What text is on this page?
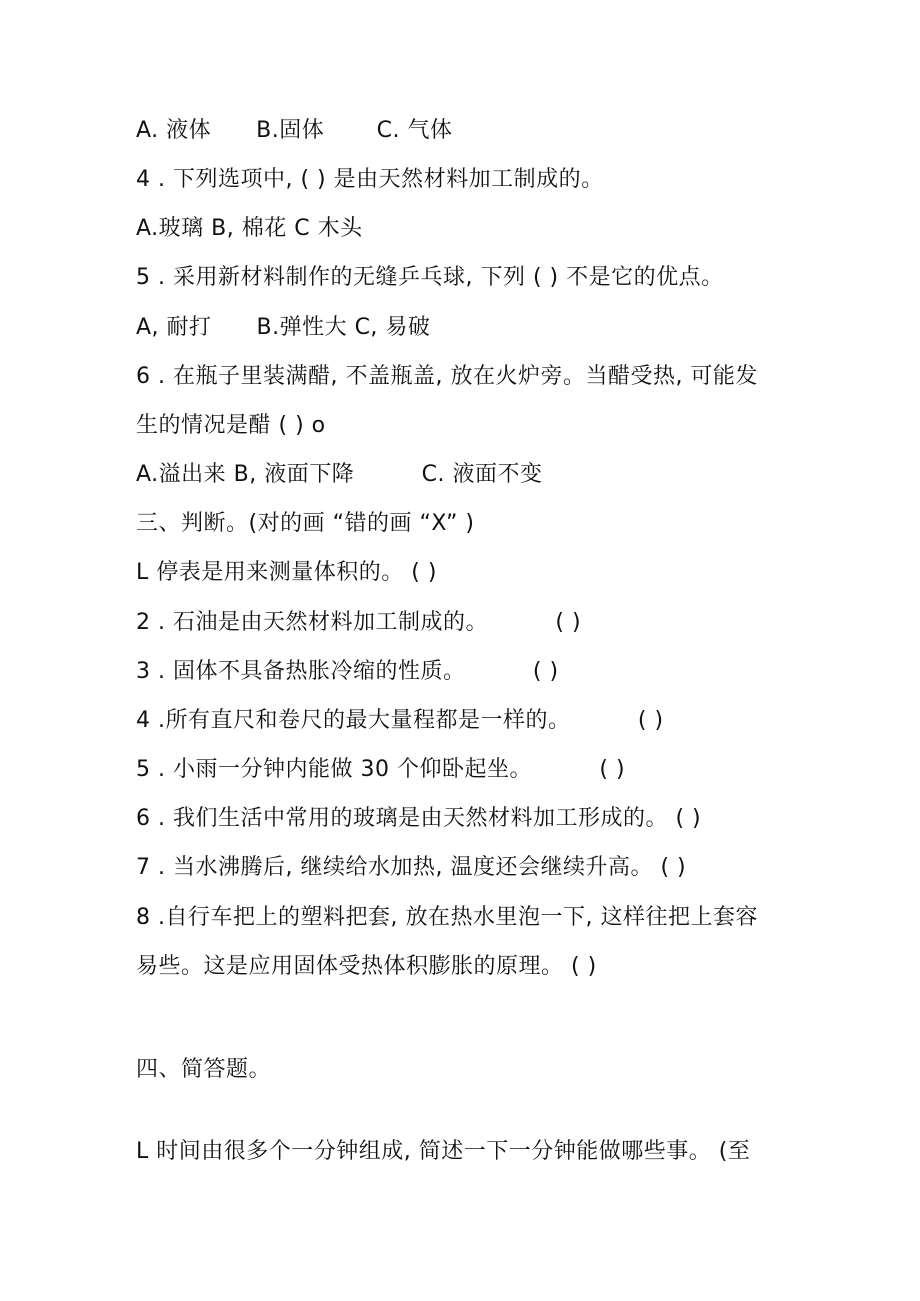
A. 液体      B.固体       C. 气体
4 . 下列选项中, ( ) 是由天然材料加工制成的。
A.玻璃 B, 棉花 C 木头
5 . 采用新材料制作的无缝乒乓球, 下列 ( ) 不是它的优点。
A, 耐打      B.弹性大 C, 易破
6 . 在瓶子里装满醋, 不盖瓶盖, 放在火炉旁。当醋受热, 可能发
生的情况是醋 ( ) o
A.溢出来 B, 液面下降         C. 液面不变
三、判断。(对的画 “错的画 “X” )
L 停表是用来测量体积的。 ( )
2 . 石油是由天然材料加工制成的。         ( )
3 . 固体不具备热胀冷缩的性质。         ( )
4 .所有直尺和卷尺的最大量程都是一样的。         ( )
5 . 小雨一分钟内能做 30 个仰卧起坐。         ( )
6 . 我们生活中常用的玻璃是由天然材料加工形成的。 ( )
7 . 当水沸腾后, 继续给水加热, 温度还会继续升高。 ( )
8 .自行车把上的塑料把套, 放在热水里泡一下, 这样往把上套容
易些。这是应用固体受热体积膨胀的原理。 ( )
四、简答题。
L 时间由很多个一分钟组成, 简述一下一分钟能做哪些事。 (至
